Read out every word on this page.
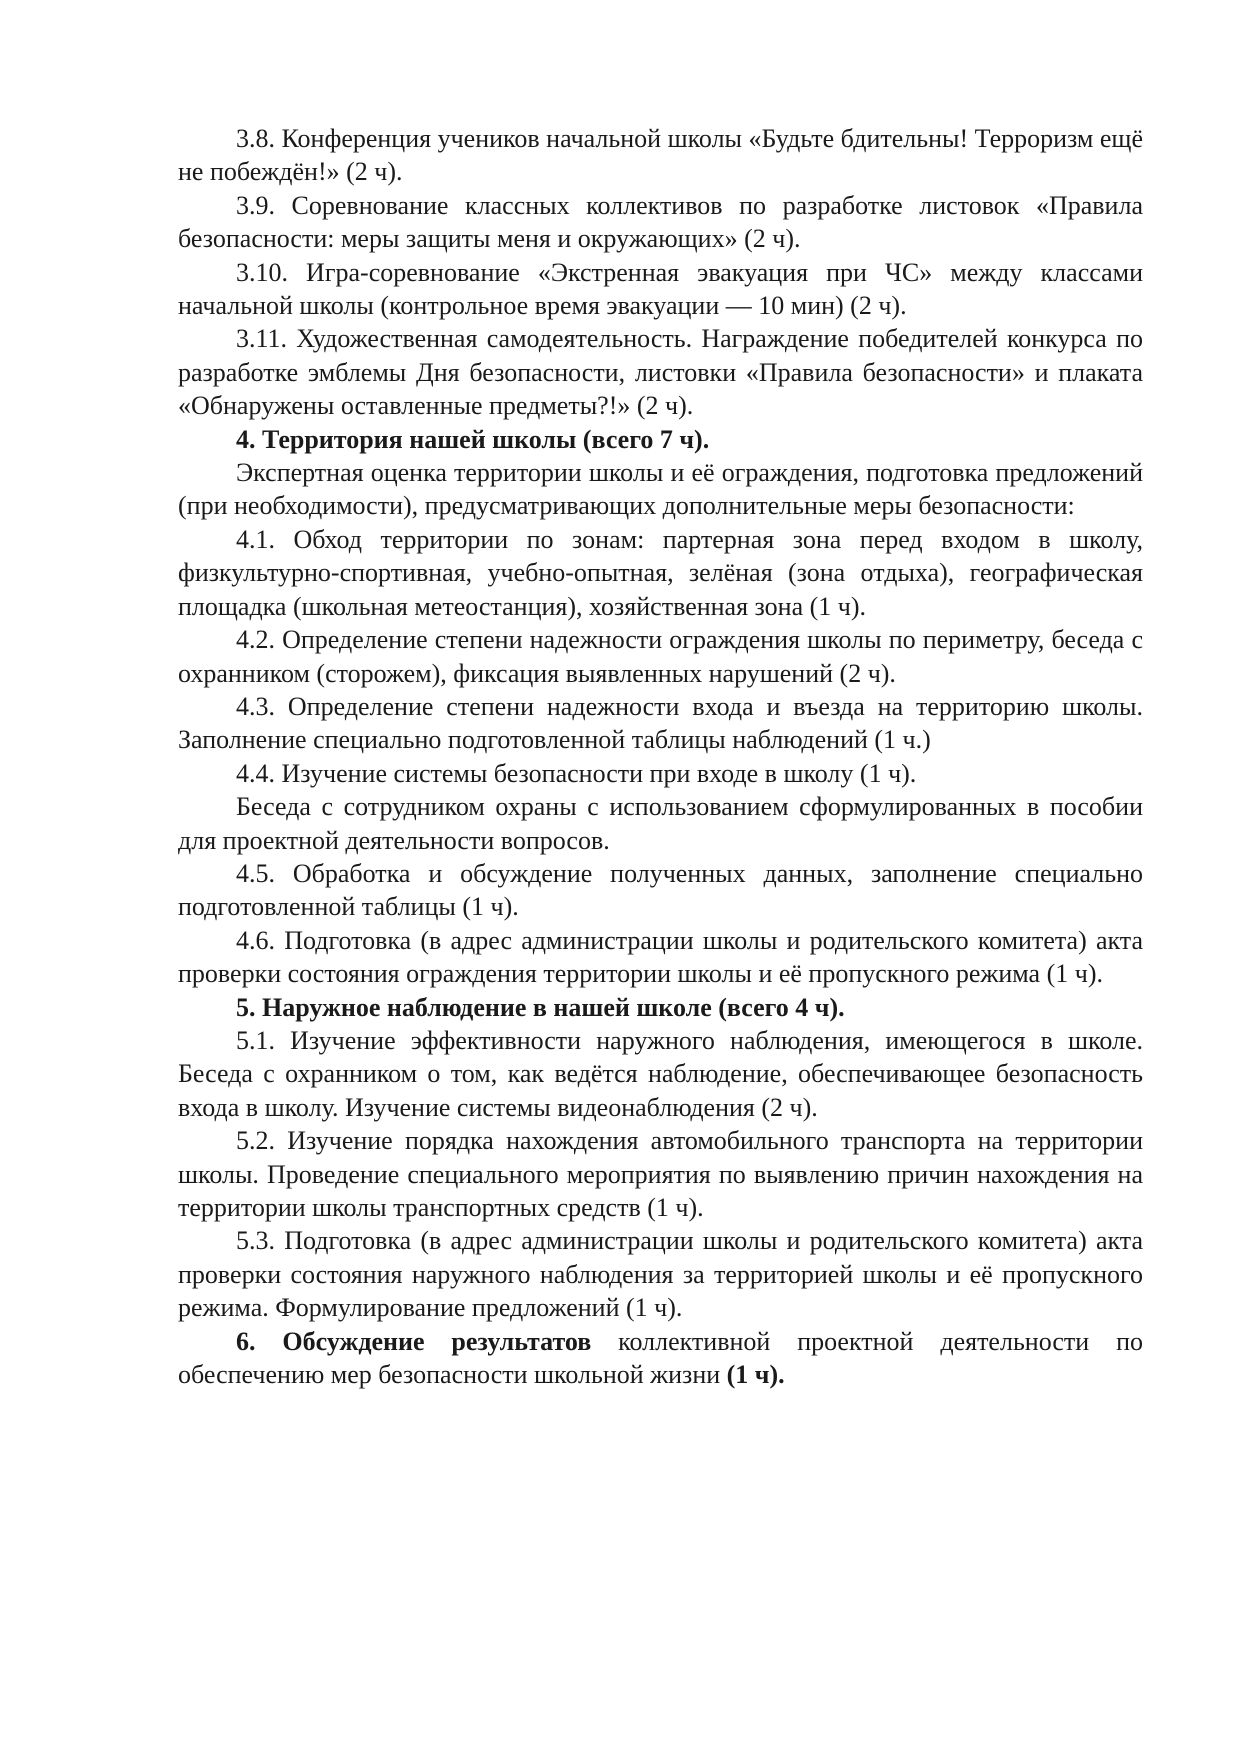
3.8. Конференция учеников начальной школы «Будьте бдительны! Терроризм ещё не побеждён!» (2 ч).

3.9. Соревнование классных коллективов по разработке листовок «Правила безопасности: меры защиты меня и окружающих» (2 ч).

3.10. Игра-соревнование «Экстренная эвакуация при ЧС» между классами начальной школы (контрольное время эвакуации — 10 мин) (2 ч).

3.11. Художественная самодеятельность. Награждение победителей конкурса по разработке эмблемы Дня безопасности, листовки «Правила безопасности» и плаката «Обнаружены оставленные предметы?!» (2 ч).

4. Территория нашей школы (всего 7 ч).

Экспертная оценка территории школы и её ограждения, подготовка предложений (при необходимости), предусматривающих дополнительные меры безопасности:

4.1. Обход территории по зонам: партерная зона перед входом в школу, физкультурно-спортивная, учебно-опытная, зелёная (зона отдыха), географическая площадка (школьная метеостанция), хозяйственная зона (1 ч).

4.2. Определение степени надежности ограждения школы по периметру, беседа с охранником (сторожем), фиксация выявленных нарушений (2 ч).

4.3. Определение степени надежности входа и въезда на территорию школы. Заполнение специально подготовленной таблицы наблюдений (1 ч.)

4.4. Изучение системы безопасности при входе в школу (1 ч).

Беседа с сотрудником охраны с использованием сформулированных в пособии для проектной деятельности вопросов.

4.5. Обработка и обсуждение полученных данных, заполнение специально подготовленной таблицы (1 ч).

4.6. Подготовка (в адрес администрации школы и родительского комитета) акта проверки состояния ограждения территории школы и её пропускного режима (1 ч).

5. Наружное наблюдение в нашей школе (всего 4 ч).

5.1. Изучение эффективности наружного наблюдения, имеющегося в школе. Беседа с охранником о том, как ведётся наблюдение, обеспечивающее безопасность входа в школу. Изучение системы видеонаблюдения (2 ч).

5.2. Изучение порядка нахождения автомобильного транспорта на территории школы. Проведение специального мероприятия по выявлению причин нахождения на территории школы транспортных средств (1 ч).

5.3. Подготовка (в адрес администрации школы и родительского комитета) акта проверки состояния наружного наблюдения за территорией школы и её пропускного режима. Формулирование предложений (1 ч).

6. Обсуждение результатов коллективной проектной деятельности по обеспечению мер безопасности школьной жизни (1 ч).
